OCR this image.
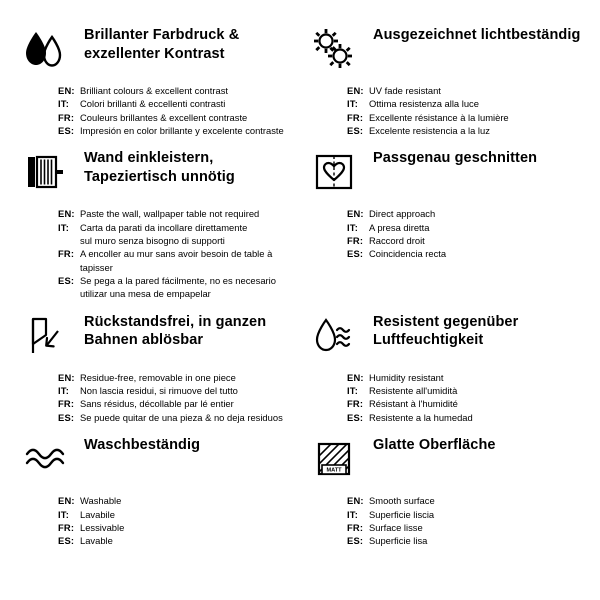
Brillanter Farbdruck & exzellenter Kontrast
EN: Brilliant colours & excellent contrast
IT:	Colori brillanti & eccellenti contrasti
FR: Couleurs brillantes & excellent contraste
ES: Impresión en color brillante y excelente contraste
Ausgezeichnet lichtbeständig
EN: UV fade resistant
IT:	Ottima resistenza alla luce
FR: Excellente résistance à la lumière
ES: Excelente resistencia a la luz
Wand einkleistern, Tapeziertisch unnötig
EN: Paste the wall, wallpaper table not required
IT:	Carta da parati da incollare direttamente
sul muro senza bisogno di supporti
FR: A encoller au mur sans avoir besoin de table à tapisser
ES: Se pega a la pared fácilmente, no es necesario
utilizar una mesa de empapelar
Passgenau geschnitten
EN: Direct approach
IT:	A presa diretta
FR: Raccord droit
ES: Coincidencia recta
Rückstandsfrei, in ganzen Bahnen ablösbar
EN: Residue-free, removable in one piece
IT:	Non lascia residui, si rimuove del tutto
FR: Sans résidus, décollable par lé entier
ES: Se puede quitar de una pieza & no deja residuos
Resistent gegenüber Luftfeuchtigkeit
EN: Humidity resistant
IT:	Resistente all'umidità
FR: Résistant à l'humidité
ES: Resistente a la humedad
Waschbeständig
EN: Washable
IT:	Lavabile
FR: Lessivable
ES: Lavable
MATT
Glatte Oberfläche
EN: Smooth surface
IT:	Superficie liscia
FR: Surface lisse
ES: Superficie lisa
